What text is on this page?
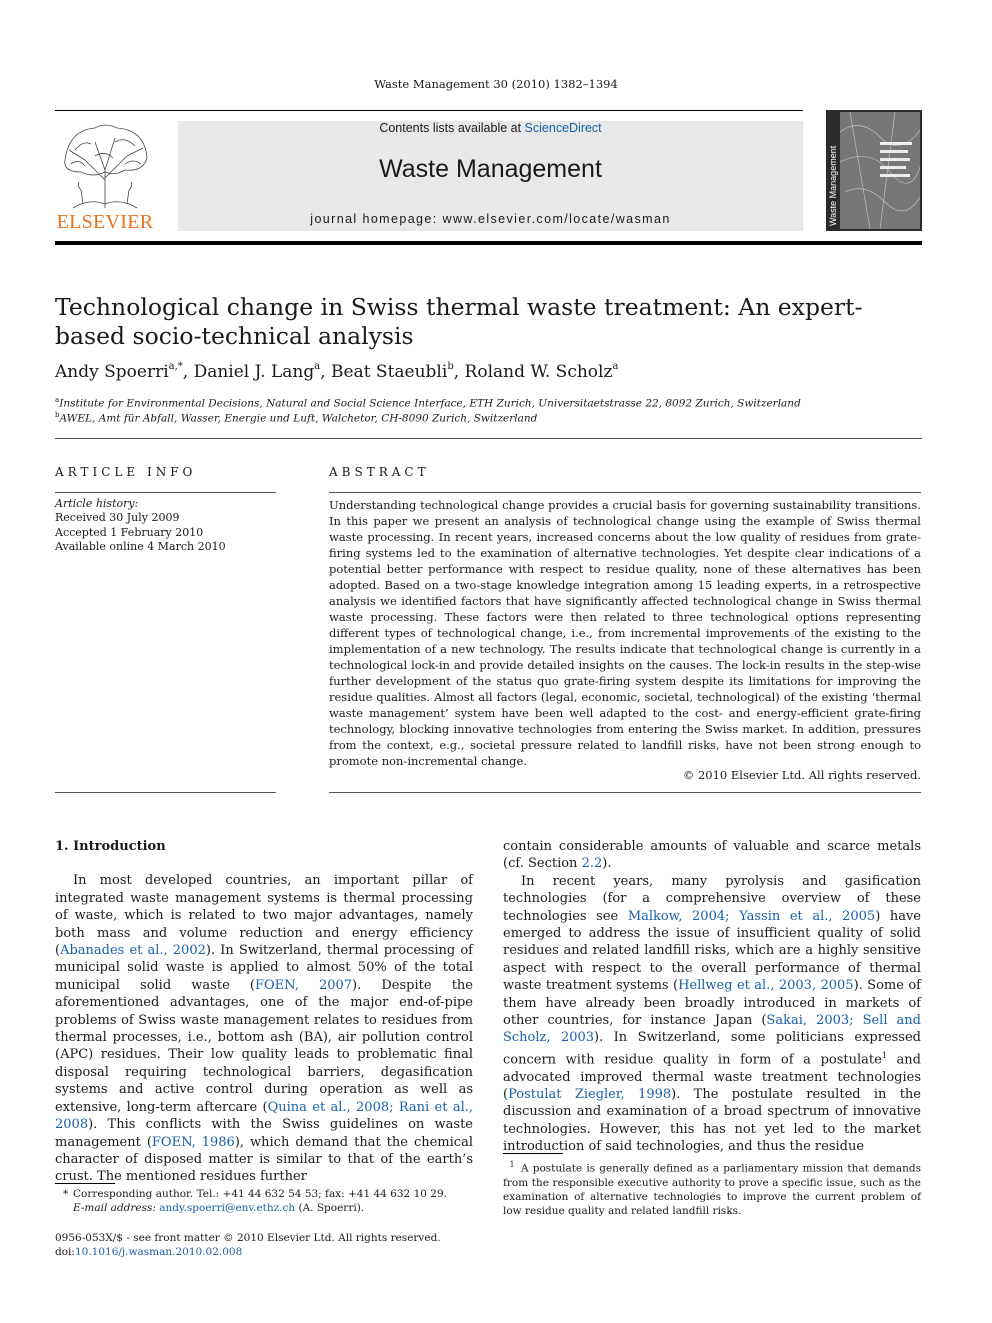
Waste Management 30 (2010) 1382–1394
ELSEVIER
Contents lists available at ScienceDirect
Waste Management
journal homepage: www.elsevier.com/locate/wasman	Waste Management
Technological change in Swiss thermal waste treatment: An expert-based socio-technical analysis
Andy Spoerri$^{a,*}$, Daniel J. Lang$^a$, Beat Staeubli$^b$, Roland W. Scholz$^a$
$^a$Institute for Environmental Decisions, Natural and Social Science Interface, ETH Zurich, Universitaetstrasse 22, 8092 Zurich, Switzerland
$^b$AWEL, Amt für Abfall, Wasser, Energie und Luft, Walchetor, CH-8090 Zurich, Switzerland
ARTICLE INFO
Article history:
Received 30 July 2009
Accepted 1 February 2010
Available online 4 March 2010
ABSTRACT
Understanding technological change provides a crucial basis for governing sustainability transitions. In this paper we present an analysis of technological change using the example of Swiss thermal waste processing. In recent years, increased concerns about the low quality of residues from grate-firing systems led to the examination of alternative technologies. Yet despite clear indications of a potential better performance with respect to residue quality, none of these alternatives has been adopted. Based on a two-stage knowledge integration among 15 leading experts, in a retrospective analysis we identified factors that have significantly affected technological change in Swiss thermal waste processing. These factors were then related to three technological options representing different types of technological change, i.e., from incremental improvements of the existing to the implementation of a new technology. The results indicate that technological change is currently in a technological lock-in and provide detailed insights on the causes. The lock-in results in the step-wise further development of the status quo grate-firing system despite its limitations for improving the residue qualities. Almost all factors (legal, economic, societal, technological) of the existing ‘thermal waste management’ system have been well adapted to the cost- and energy-efficient grate-firing technology, blocking innovative technologies from entering the Swiss market. In addition, pressures from the context, e.g., societal pressure related to landfill risks, have not been strong enough to promote non-incremental change.
© 2010 Elsevier Ltd. All rights reserved.
1. Introduction

In most developed countries, an important pillar of integrated waste management systems is thermal processing of waste, which is related to two major advantages, namely both mass and volume reduction and energy efficiency (Abanades et al., 2002). In Switzerland, thermal processing of municipal solid waste is applied to almost 50% of the total municipal solid waste (FOEN, 2007). Despite the aforementioned advantages, one of the major end-of-pipe problems of Swiss waste management relates to residues from thermal processes, i.e., bottom ash (BA), air pollution control (APC) residues. Their low quality leads to problematic final disposal requiring technological barriers, degasification systems and active control during operation as well as extensive, long-term aftercare (Quina et al., 2008; Rani et al., 2008). This conflicts with the Swiss guidelines on waste management (FOEN, 1986), which demand that the chemical character of disposed matter is similar to that of the earth’s crust. The mentioned residues further

contain considerable amounts of valuable and scarce metals (cf. Section 2.2).

In recent years, many pyrolysis and gasification technologies (for a comprehensive overview of these technologies see Malkow, 2004; Yassin et al., 2005) have emerged to address the issue of insufficient quality of solid residues and related landfill risks, which are a highly sensitive aspect with respect to the overall performance of thermal waste treatment systems (Hellweg et al., 2003, 2005). Some of them have already been broadly introduced in markets of other countries, for instance Japan (Sakai, 2003; Sell and Scholz, 2003). In Switzerland, some politicians expressed concern with residue quality in form of a postulate$^1$ and advocated improved thermal waste treatment technologies (Postulat Ziegler, 1998). The postulate resulted in the discussion and examination of a broad spectrum of innovative technologies. However, this has not yet led to the market introduction of said technologies, and thus the residue

* Corresponding author. Tel.: +41 44 632 54 53; fax: +41 44 632 10 29.
E-mail address: andy.spoerri@env.ethz.ch (A. Spoerri).
0956-053X/$ - see front matter © 2010 Elsevier Ltd. All rights reserved.
doi:10.1016/j.wasman.2010.02.008
$^1$ A postulate is generally defined as a parliamentary mission that demands from the responsible executive authority to prove a specific issue, such as the examination of alternative technologies to improve the current problem of low residue quality and related landfill risks.
